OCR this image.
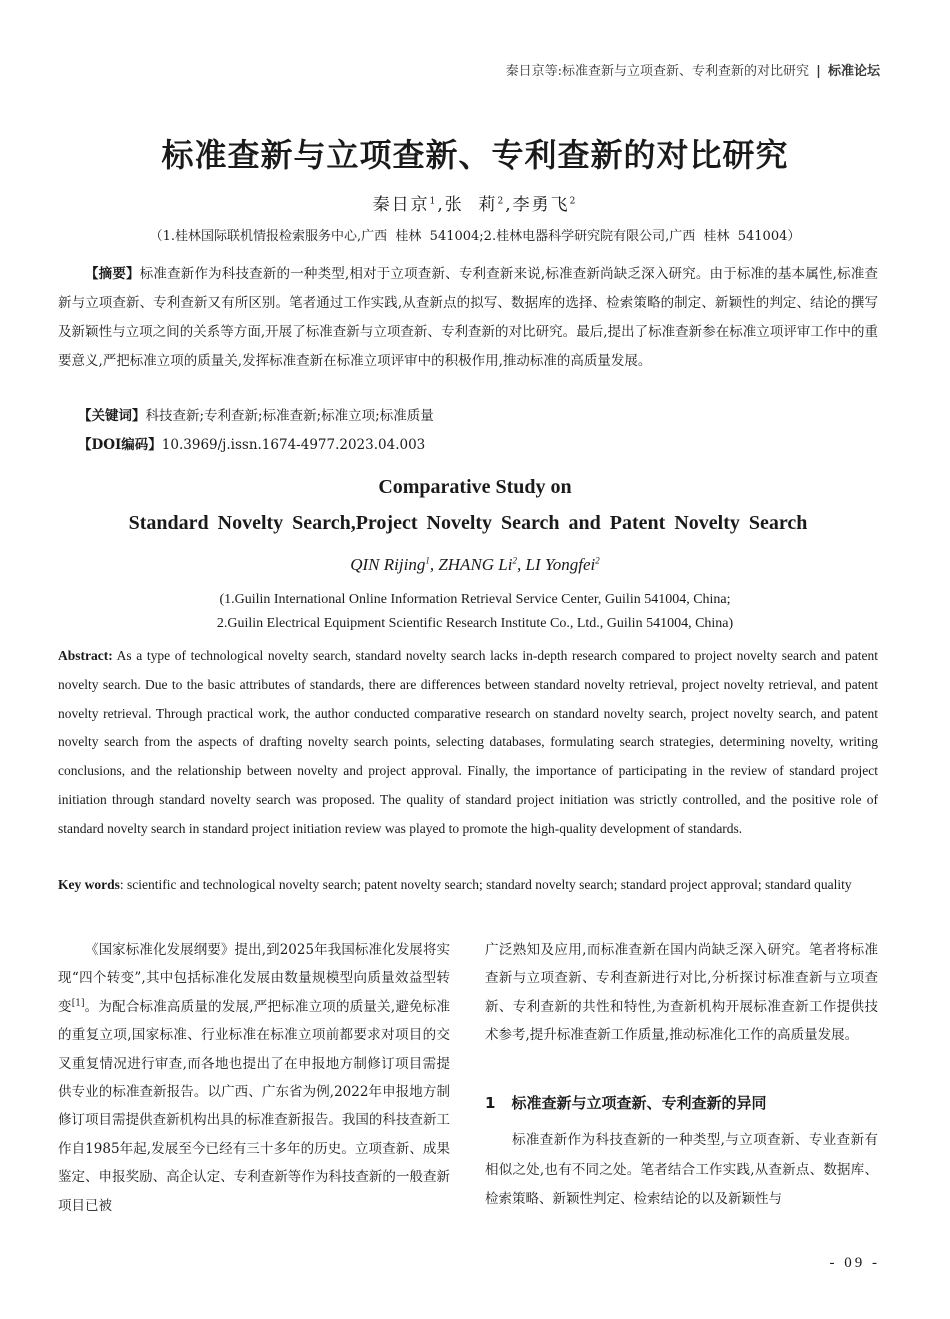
秦日京等:标准查新与立项查新、专利查新的对比研究 | 标准论坛
标准查新与立项查新、专利查新的对比研究
秦日京$^1$,张  莉$^2$,李勇飞$^2$
（1.桂林国际联机情报检索服务中心,广西  桂林  541004;2.桂林电器科学研究院有限公司,广西  桂林  541004）
【摘要】标准查新作为科技查新的一种类型,相对于立项查新、专利查新来说,标准查新尚缺乏深入研究。由于标准的基本属性,标准查新与立项查新、专利查新又有所区别。笔者通过工作实践,从查新点的拟写、数据库的选择、检索策略的制定、新颖性的判定、结论的撰写及新颖性与立项之间的关系等方面,开展了标准查新与立项查新、专利查新的对比研究。最后,提出了标准查新参在标准立项评审工作中的重要意义,严把标准立项的质量关,发挥标准查新在标准立项评审中的积极作用,推动标准的高质量发展。
【关键词】科技查新;专利查新;标准查新;标准立项;标准质量
【DOI编码】10.3969/j.issn.1674-4977.2023.04.003
Comparative Study on
Standard Novelty Search,Project Novelty Search and Patent Novelty Search
QIN Rijing$^1$, ZHANG Li$^2$, LI Yongfei$^2$
(1.Guilin International Online Information Retrieval Service Center, Guilin 541004, China;
2.Guilin Electrical Equipment Scientific Research Institute Co., Ltd., Guilin 541004, China)
Abstract: As a type of technological novelty search, standard novelty search lacks in-depth research compared to project novelty search and patent novelty search. Due to the basic attributes of standards, there are differences between standard novelty retrieval, project novelty retrieval, and patent novelty retrieval. Through practical work, the author conducted comparative research on standard novelty search, project novelty search, and patent novelty search from the aspects of drafting novelty search points, selecting databases, formulating search strategies, determining novelty, writing conclusions, and the relationship between novelty and project approval. Finally, the importance of participating in the review of standard project initiation through standard novelty search was proposed. The quality of standard project initiation was strictly controlled, and the positive role of standard novelty search in standard project initiation review was played to promote the high-quality development of standards.
Key words: scientific and technological novelty search; patent novelty search; standard novelty search; standard project approval; standard quality
《国家标准化发展纲要》提出,到2025年我国标准化发展将实现“四个转变”,其中包括标准化发展由数量规模型向质量效益型转变[1]。为配合标准高质量的发展,严把标准立项的质量关,避免标准的重复立项,国家标准、行业标准在标准立项前都要求对项目的交叉重复情况进行审查,而各地也提出了在申报地方制修订项目需提供专业的标准查新报告。以广西、广东省为例,2022年申报地方制修订项目需提供查新机构出具的标准查新报告。我国的科技查新工作自1985年起,发展至今已经有三十多年的历史。立项查新、成果鉴定、申报奖励、高企认定、专利查新等作为科技查新的一般查新项目已被
广泛熟知及应用,而标准查新在国内尚缺乏深入研究。笔者将标准查新与立项查新、专利查新进行对比,分析探讨标准查新与立项查新、专利查新的共性和特性,为查新机构开展标准查新工作提供技术参考,提升标准查新工作质量,推动标准化工作的高质量发展。
1 标准查新与立项查新、专利查新的异同
标准查新作为科技查新的一种类型,与立项查新、专业查新有相似之处,也有不同之处。笔者结合工作实践,从查新点、数据库、检索策略、新颖性判定、检索结论的以及新颖性与
- 09 -
